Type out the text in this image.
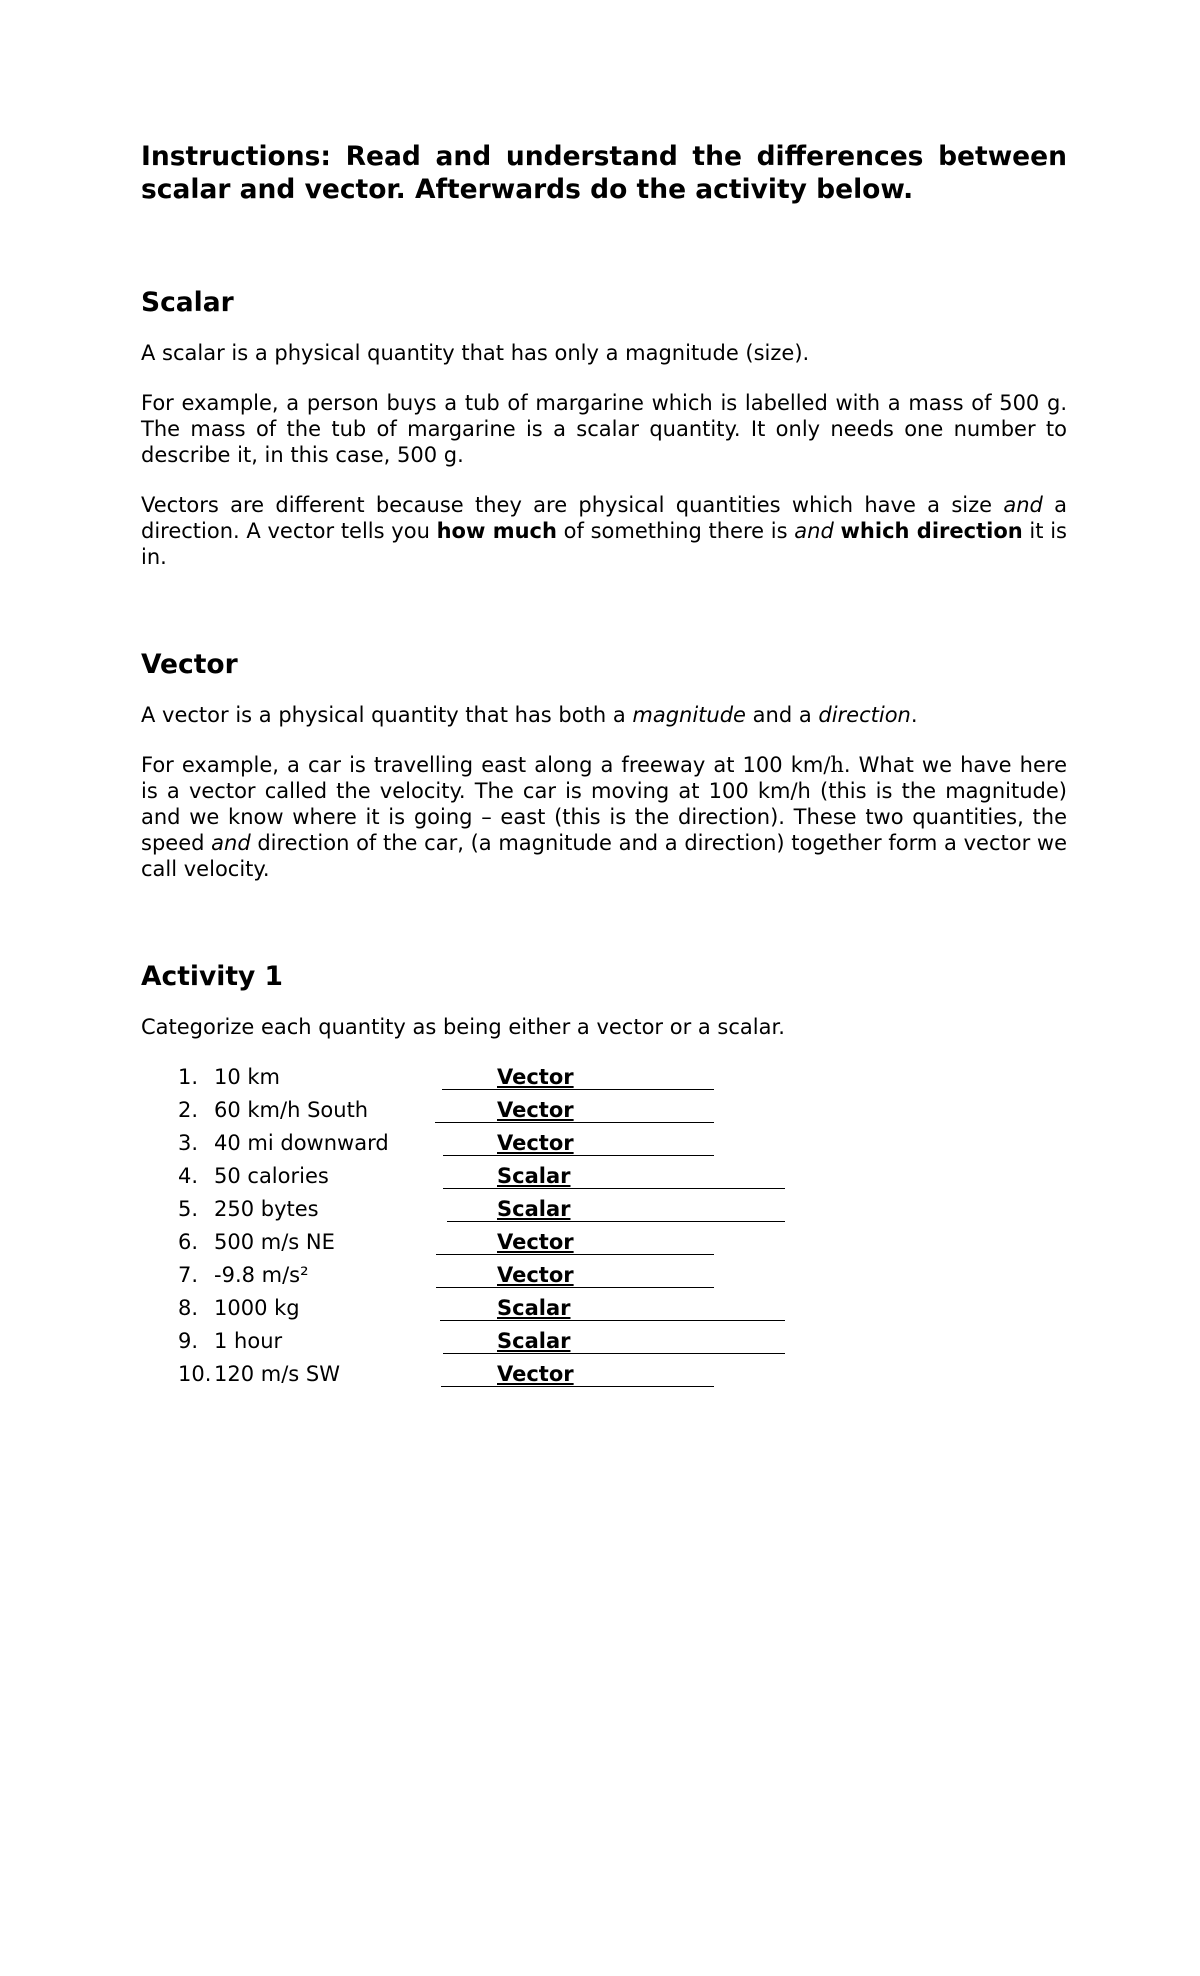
Instructions: Read and understand the differences between scalar and vector. Afterwards do the activity below.

Scalar

A scalar is a physical quantity that has only a magnitude (size).

For example, a person buys a tub of margarine which is labelled with a mass of 500 g. The mass of the tub of margarine is a scalar quantity. It only needs one number to describe it, in this case, 500 g.

Vectors are different because they are physical quantities which have a size and a direction. A vector tells you how much of something there is and which direction it is in.

Vector

A vector is a physical quantity that has both a magnitude and a direction.

For example, a car is travelling east along a freeway at 100 km/h. What we have here is a vector called the velocity. The car is moving at 100 km/h (this is the magnitude) and we know where it is going – east (this is the direction). These two quantities, the speed and direction of the car, (a magnitude and a direction) together form a vector we call velocity.

Activity 1

Categorize each quantity as being either a vector or a scalar.

1. 10 km	Vector
2. 60 km/h South	Vector
3. 40 mi downward	Vector
4. 50 calories	Scalar
5. 250 bytes	Scalar
6. 500 m/s NE	Vector
7. -9.8 m/s²	Vector
8. 1000 kg	Scalar
9. 1 hour	Scalar
10. 120 m/s SW	Vector
